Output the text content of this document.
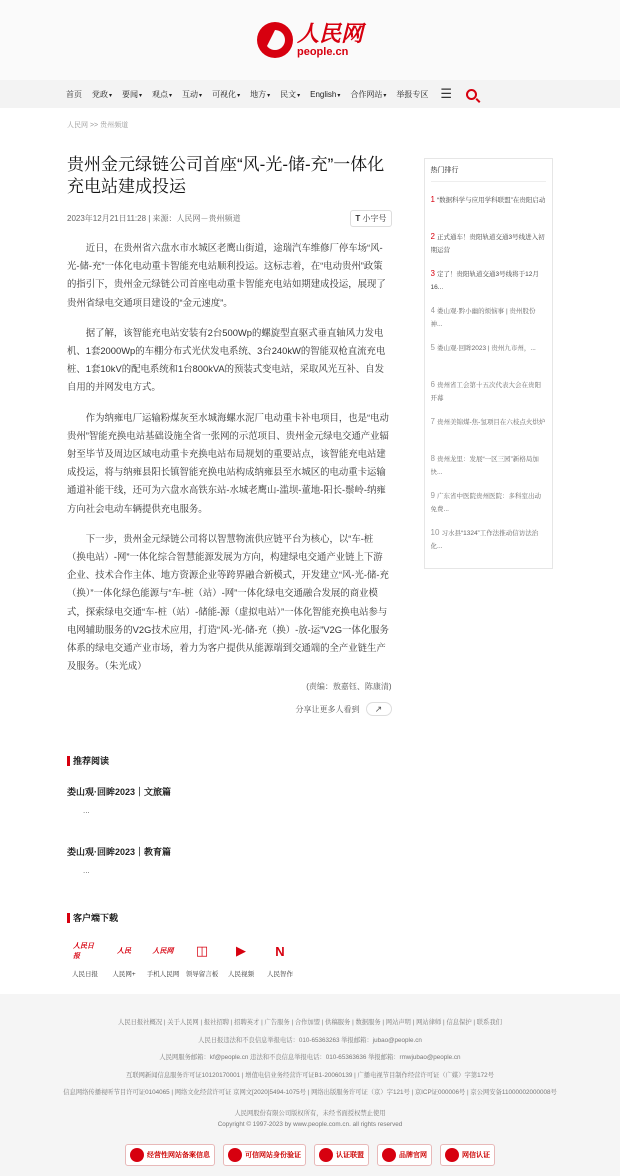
人民网
people.cn
首页 党政▾ 要闻▾ 观点▾ 互动▾ 可视化▾ 地方▾ 民文▾ English▾ 合作网站▾ 举报专区 ☰
人民网 >> 贵州频道
贵州金元绿链公司首座“风-光-储-充”一体化充电站建成投运
2023年12月21日11:28 | 来源：人民网－贵州频道	T 小字号

近日，在贵州省六盘水市水城区老鹰山街道，途瑞汽车维修厂停车场“风-光-储-充”一体化电动重卡智能充电站顺利投运。这标志着，在“电动贵州”政策的指引下，贵州金元绿链公司首座电动重卡智能充电站如期建成投运，展现了贵州省绿电交通项目建设的“金元速度”。

据了解，该智能充电站安装有2台500Wp的螺旋型直驱式垂直轴风力发电机、1套2000Wp的车棚分布式光伏发电系统、3台240kW的智能双枪直流充电桩、1套10kV的配电系统和1台800kVA的预装式变电站，采取风光互补、自发自用的并网发电方式。

作为纳雍电厂运输粉煤灰至水城海螺水泥厂电动重卡补电项目，也是“电动贵州”智能充换电站基础设施全省一张网的示范项目、贵州金元绿电交通产业辐射至毕节及周边区域电动重卡充换电站布局规划的重要站点，该智能充电站建成投运，将与纳雍县阳长镇智能充换电站构成纳雍县至水城区的电动重卡运输通道补能干线，还可为六盘水高铁东站-水城老鹰山-滥坝-董地-阳长-鬃岭-纳雍方向社会电动车辆提供充电服务。

下一步，贵州金元绿链公司将以智慧物流供应链平台为核心，以“车-桩（换电站）-网”一体化综合智慧能源发展为方向，构建绿电交通产业链上下游企业、技术合作主体、地方资源企业等跨界融合新模式，开发建立“风-光-储-充（换）”一体化绿色能源与“车-桩（站）-网”一体化绿电交通融合发展的商业模式，探索绿电交通“车-桩（站）-储能-源（虚拟电站）”一体化智能充换电站参与电网辅助服务的V2G技术应用，打造“风-光-储-充（换）-放-运”V2G一体化服务体系的绿电交通产业市场，着力为客户提供从能源端到交通端的全产业链生产及服务。（朱光成）

(责编：敖嘉钰、陈康清)
分享让更多人看到 ↗
热门排行
1 “数据科学与应用学科联盟”在贵阳启动
2 正式通车！贵阳轨道交通3号线进入初期运营
3 定了！贵阳轨道交通3号线将于12月16...
4 娄山观·黔小幽的烦恼事 | 贵州股份神...
5 娄山观·回眸2023 | 贵州九市州，...
6 贵州省工会第十五次代表大会在贵阳开幕
7 贵州美锦煤-焦-氢项目在六枝点火烘炉
8 贵州龙里：发展“一区三园”新格局加快...
9 广东省中医院贵州医院：多科室出动免费...
10 习水县“1324”工作法推动信访法治化...
推荐阅读
娄山观·回眸2023｜文旅篇
...
娄山观·回眸2023｜教育篇
...
客户端下载
人民日报
人民日报
人民
人民网+
人民网
手机人民网
◫
领导留言板
▶
人民视频
N
人民智作
人民日报社概况 | 关于人民网 | 报社招聘 | 招聘英才 | 广告服务 | 合作加盟 | 供稿服务 | 数据服务 | 网站声明 | 网站律师 | 信息保护 | 联系我们
人民日报违法和不良信息举报电话：010-65363263 举报邮箱：jubao@people.cn
人民网服务邮箱：kf@people.cn 违法和不良信息举报电话：010-65363636 举报邮箱：rmwjubao@people.cn
互联网新闻信息服务许可证10120170001 | 增值电信业务经营许可证B1-20060139 | 广播电视节目制作经营许可证（广媒）字第172号
信息网络传播视听节目许可证0104065 | 网络文化经营许可证 京网文[2020]5494-1075号 | 网络出版服务许可证（京）字121号 | 京ICP证000006号 | 京公网安备11000002000008号
人民网股份有限公司版权所有，未经书面授权禁止使用
Copyright © 1997-2023 by www.people.com.cn. all rights reserved
经营性网站备案信息	可信网站身份验证	认证联盟	品牌官网	网信认证
